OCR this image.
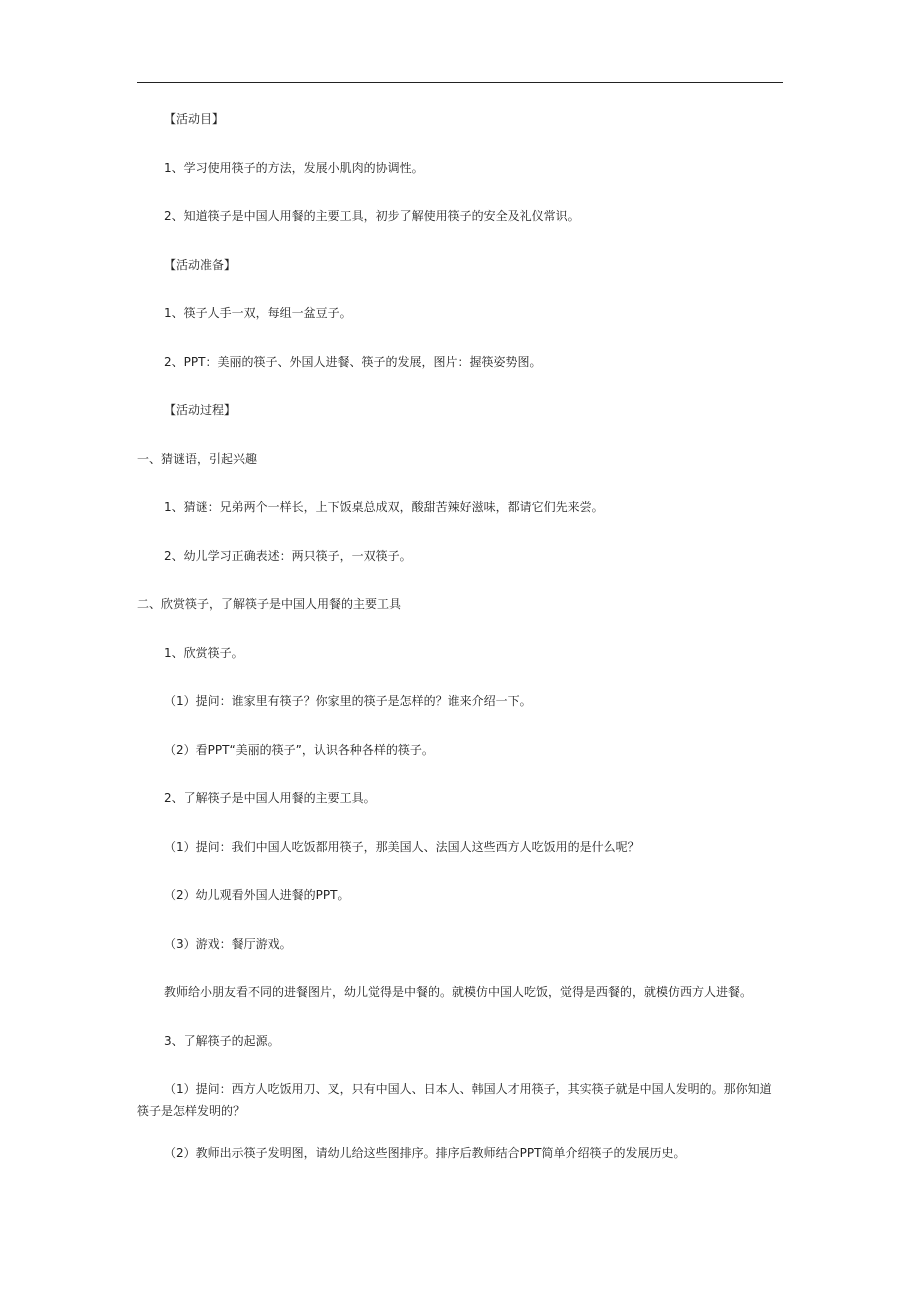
【活动目】

1、学习使用筷子的方法，发展小肌肉的协调性。

2、知道筷子是中国人用餐的主要工具，初步了解使用筷子的安全及礼仪常识。

【活动准备】

1、筷子人手一双，每组一盆豆子。

2、PPT：美丽的筷子、外国人进餐、筷子的发展，图片：握筷姿势图。

【活动过程】

一、猜谜语，引起兴趣

1、猜谜：兄弟两个一样长，上下饭桌总成双，酸甜苦辣好滋味，都请它们先来尝。

2、幼儿学习正确表述：两只筷子，一双筷子。

二、欣赏筷子，了解筷子是中国人用餐的主要工具

1、欣赏筷子。

（1）提问：谁家里有筷子？你家里的筷子是怎样的？谁来介绍一下。

（2）看PPT“美丽的筷子”，认识各种各样的筷子。

2、了解筷子是中国人用餐的主要工具。

（1）提问：我们中国人吃饭都用筷子，那美国人、法国人这些西方人吃饭用的是什么呢？

（2）幼儿观看外国人进餐的PPT。

（3）游戏：餐厅游戏。

教师给小朋友看不同的进餐图片，幼儿觉得是中餐的。就模仿中国人吃饭，觉得是西餐的，就模仿西方人进餐。

3、了解筷子的起源。

（1）提问：西方人吃饭用刀、叉，只有中国人、日本人、韩国人才用筷子，其实筷子就是中国人发明的。那你知道筷子是怎样发明的？

（2）教师出示筷子发明图，请幼儿给这些图排序。排序后教师结合PPT简单介绍筷子的发展历史。
